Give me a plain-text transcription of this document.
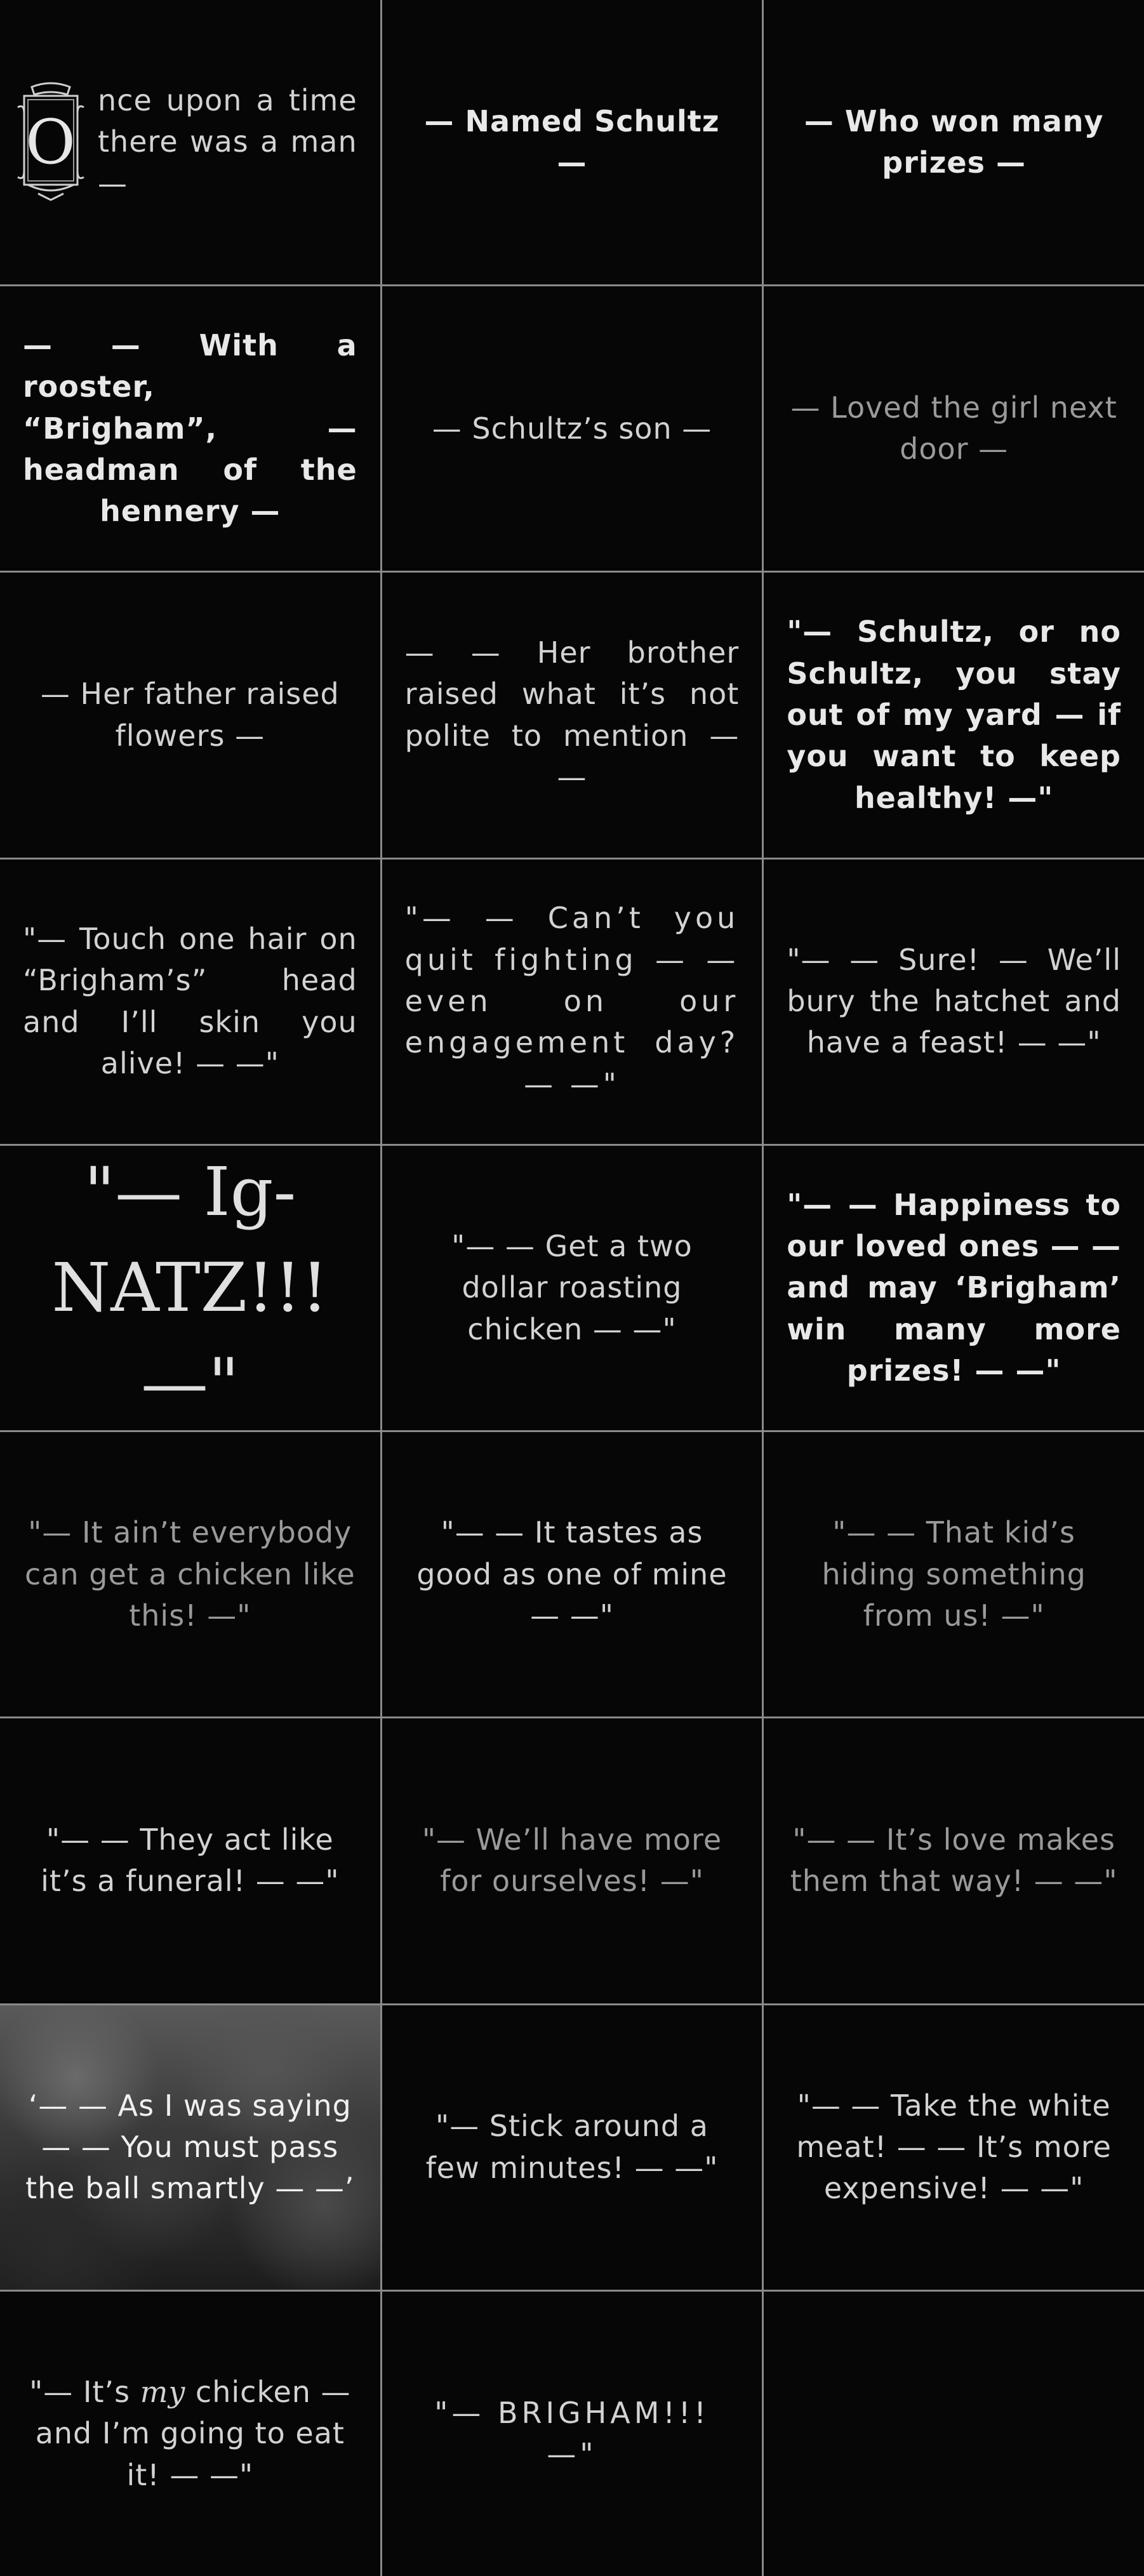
O
nce upon a time there was a man —
— Named Schultz —
— Who won many prizes —
— — With a rooster, “Brigham”, — headman of the hennery —
— Schultz’s son —
— Loved the girl next door —
— Her father raised flowers —
— — Her brother raised what it’s not polite to mention — —
"— Schultz, or no Schultz, you stay out of my yard — if you want to keep healthy! —"
"— Touch one hair on “Brigham’s” head and I’ll skin you alive! — —"
"— — Can’t you quit fighting — — even on our engagement day? — —"
"— — Sure! — We’ll bury the hatchet and have a feast! — —"
"— Ig-NATZ!!! —"
"— — Get a two dollar roasting chicken — —"
"— — Happiness to our loved ones — — and may ‘Brigham’ win many more prizes! — —"
"— It ain’t everybody can get a chicken like this! —"
"— — It tastes as good as one of mine — —"
"— — That kid’s hiding something from us! —"
"— — They act like it’s a funeral! — —"
"— We’ll have more for ourselves! —"
"— — It’s love makes them that way! — —"
‘— — As I was saying — — You must pass the ball smartly — —’
"— Stick around a few minutes! — —"
"— — Take the white meat! — — It’s more expensive! — —"
"— It’s my chicken — and I’m going to eat it! — —"
"— BRIGHAM!!! —"
